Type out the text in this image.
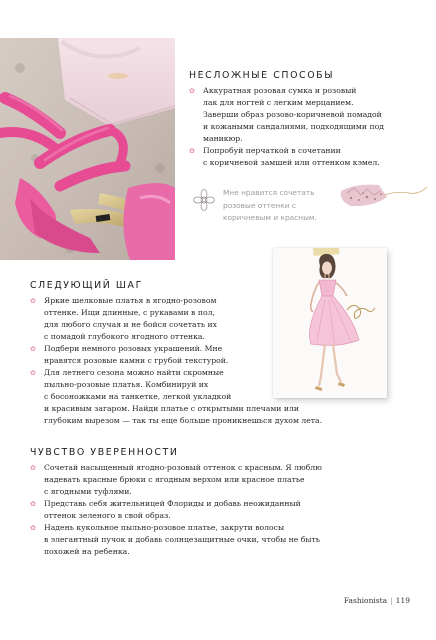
НЕСЛОЖНЫЕ СПОСОБЫ
✿ Аккуратная розовая сумка и розовый
лак для ногтей с легким мерцанием.
Заверши образ розово-коричневой помадой
и кожаными сандалиями, подходящими под
маникюр.
✿ Попробуй перчаткой в сочетании
с коричневой замшей или оттенком кэмел.
Мне нравится сочетать
розовые оттенки с
коричневым и красным.
СЛЕДУЮЩИЙ ШАГ
✿ Яркие шелковые платья в ягодно-розовом
оттенке. Ищи длинные, с рукавами в пол,
для любого случая и не бойся сочетать их
с помадой глубокого ягодного оттенка.
✿ Подбери немного розовых украшений. Мне
нравятся розовые камни с грубой текстурой.
✿ Для летнего сезона можно найти скромные
пыльно-розовые платья. Комбинируй их
с босоножками на танкетке, легкой укладкой
и красивым загаром. Найди платье с открытыми плечами или
глубоким вырезом — так ты еще больше проникнешься духом лета.
ЧУВСТВО УВЕРЕННОСТИ
✿ Сочетай насыщенный ягодно-розовый оттенок с красным. Я люблю
надевать красные брюки с ягодным верхом или красное платье
с ягодными туфлями.
✿ Представь себя жительницей Флориды и добавь неожиданный
оттенок зеленого в свой образ.
✿ Надень кукольное пыльно-розовое платье, закрути волосы
в элегантный пучок и добавь солнцезащитные очки, чтобы не быть
похожей на ребенка.
Fashionista | 119
